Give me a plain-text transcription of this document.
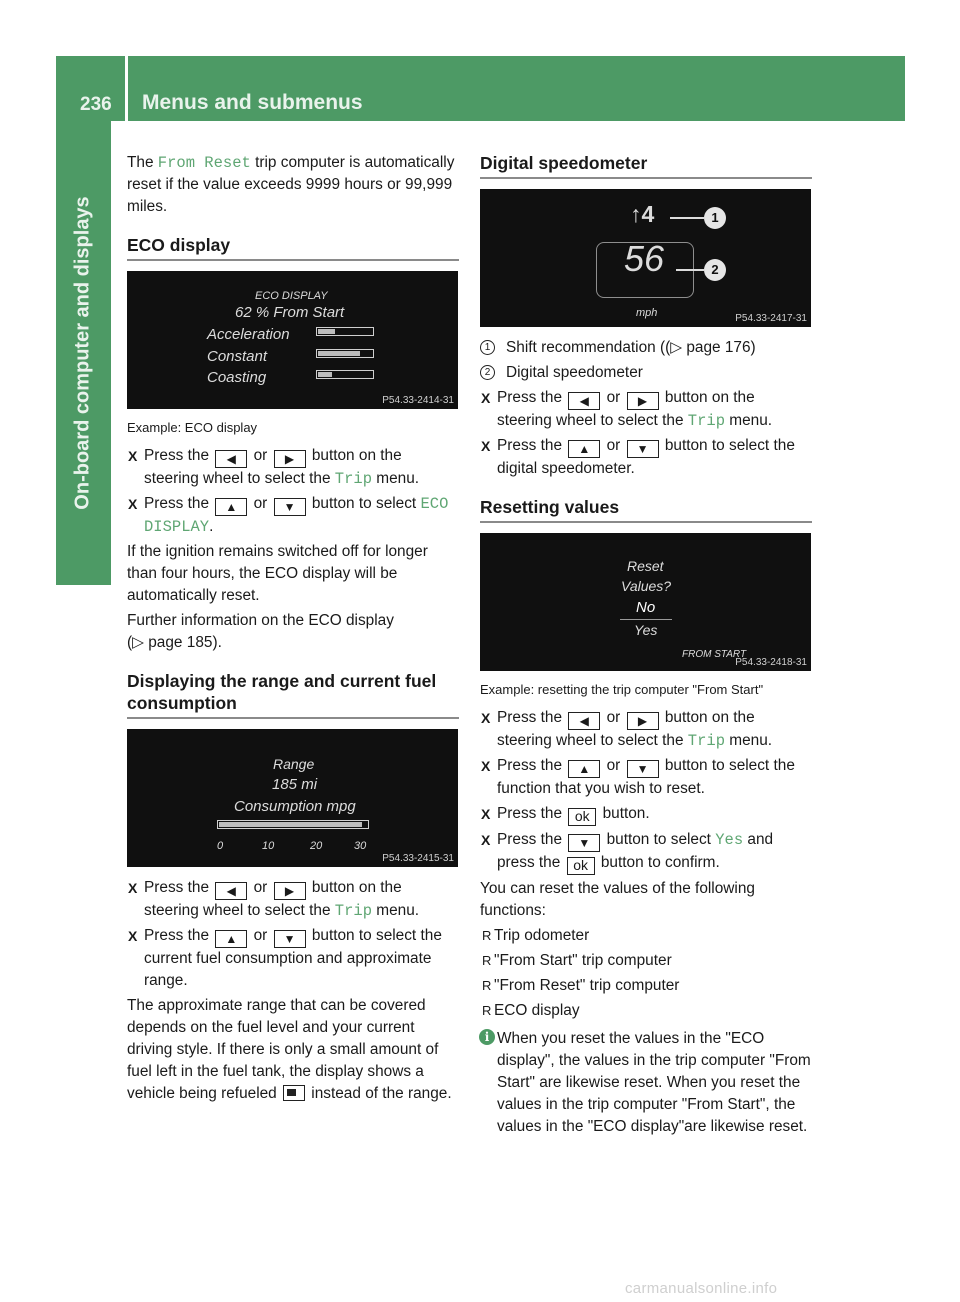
236 Menus and submenus
On-board computer and displays

The From Reset trip computer is automatically reset if the value exceeds 9999 hours or 99,999 miles.

ECO display
ECO DISPLAY
62 % From Start
Acceleration
Constant
Coasting
P54.33-2414-31
Example: ECO display
X Press the ◀ or ▶ button on the steering wheel to select the Trip menu.
X Press the ▲ or ▼ button to select ECO DISPLAY.

If the ignition remains switched off for longer than four hours, the ECO display will be automatically reset.

Further information on the ECO display
(▷ page 185).

Displaying the range and current fuel consumption
Range
185 mi
Consumption mpg
0	10	20	30
P54.33-2415-31
X Press the ◀ or ▶ button on the steering wheel to select the Trip menu.
X Press the ▲ or ▼ button to select the current fuel consumption and approximate range.

The approximate range that can be covered depends on the fuel level and your current driving style. If there is only a small amount of fuel left in the fuel tank, the display shows a vehicle being refueled  instead of the range.

Digital speedometer
↑4	1
56	2
mph	P54.33-2417-31
1	Shift recommendation ((▷ page 176)
2	Digital speedometer
X Press the ◀ or ▶ button on the steering wheel to select the Trip menu.
X Press the ▲ or ▼ button to select the digital speedometer.
Resetting values
Reset
Values?
No
Yes
FROM START
P54.33-2418-31
Example: resetting the trip computer "From Start"
X Press the ◀ or ▶ button on the steering wheel to select the Trip menu.
X Press the ▲ or ▼ button to select the function that you wish to reset.
X Press the ok button.
X Press the ▼ button to select Yes and press the ok button to confirm.

You can reset the values of the following functions:

R Trip odometer
R "From Start" trip computer
R "From Reset" trip computer
R ECO display
i When you reset the values in the "ECO display", the values in the trip computer "From Start" are likewise reset. When you reset the values in the trip computer "From Start", the values in the "ECO display"are likewise reset.
carmanualsonline.info
